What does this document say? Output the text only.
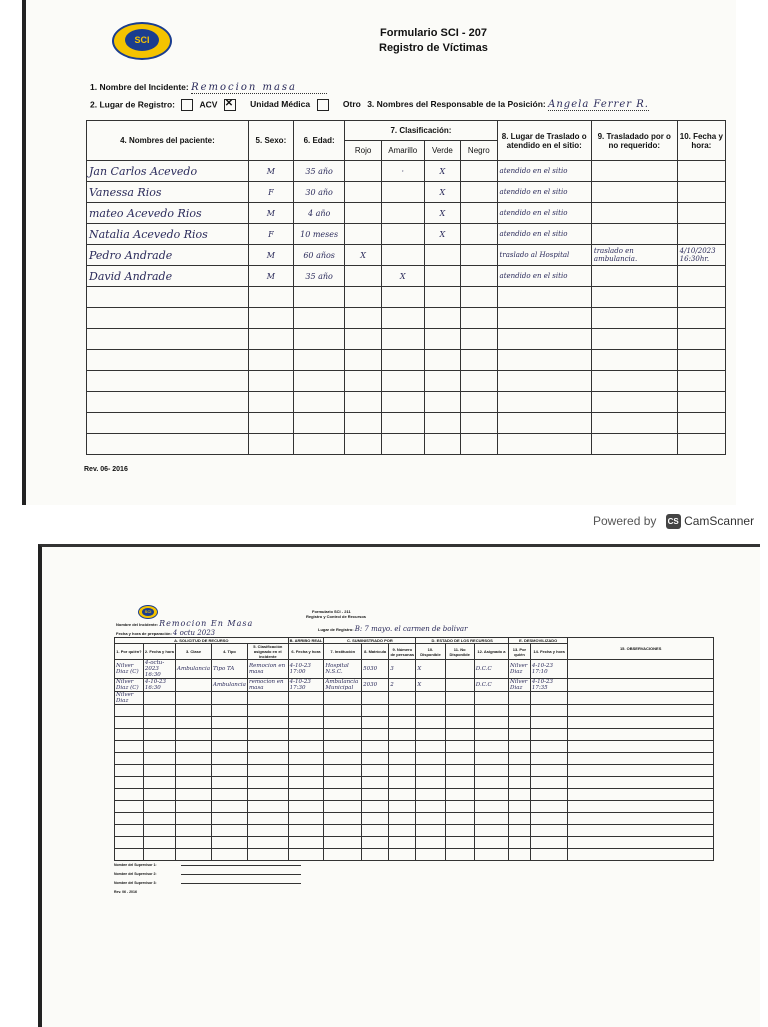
SCI
Formulario SCI - 207
Registro de Víctimas
1. Nombre del Incidente: Remocion masa
2. Lugar de Registro:	ACV ✕	Unidad Médica	Otro 3. Nombres del Responsable de la Posición: Angela Ferrer R.
4. Nombres del paciente:	5. Sexo:	6. Edad:	7. Clasificación:				8. Lugar de Traslado o atendido en el sitio:	9. Trasladado por o no requerido:	10. Fecha y hora:
			Rojo	Amarillo	Verde	Negro			
Jan Carlos Acevedo	M	35 año		·	X		atendido en el sitio		
Vanessa Rios	F	30 año			X		atendido en el sitio		
mateo Acevedo Rios	M	4 año			X		atendido en el sitio		
Natalia Acevedo Rios	F	10 meses			X		atendido en el sitio		
Pedro Andrade	M	60 años	X				traslado al Hospital	traslado en ambulancia.	4/10/2023 16:30hr.
David Andrade	M	35 año		X			atendido en el sitio		

Rev. 06- 2016
Powered by CS CamScanner
SCI	Formulario SCI - 211
Registro y Control de Recursos
Nombre del Incidente: Remocion En Masa
Fecha y hora de preparación: 4 octu 2023	Lugar de Registro: B: 7 mayo. el carmen de bolivar
A. SOLICITUD DE RECURSO					B. ARRIBO REAL	C. SUMINISTRADO POR			D. ESTADO DE LOS RECURSOS			E. DESMOVILIZADO		15. OBSERVACIONES
1. Por quién?	2. Fecha y hora	3. Clase	4. Tipo	5. Clasificación asignado en el incidente	6. Fecha y hora	7. Institución	8. Matrícula	9. Número de personas	10. Disponible	11. No Disponible	12. Asignado a	13. Por quién	14. Fecha y hora	
Nilver Diaz (C)	4-octu-2023 16:30	Ambulancia	Tipo TA	Remocion en masa	4-10-23 17:00	Hospital N.S.C.	5030	3	X		D.C.C	Nilver Diaz	4-10-23 17:10	
Nilver Diaz (C)	4-10-23 16:30		Ambulancia	remocion en masa	4-10-23 17:30	Ambulancia Municipal	2030	2	X		D.C.C	Nilver Diaz	4-10-23 17:35	
Nilver Diaz														

Nombre del Supervisor 1:
Nombre del Supervisor 2:
Nombre del Supervisor 3:
Rev. 06 - 2016
